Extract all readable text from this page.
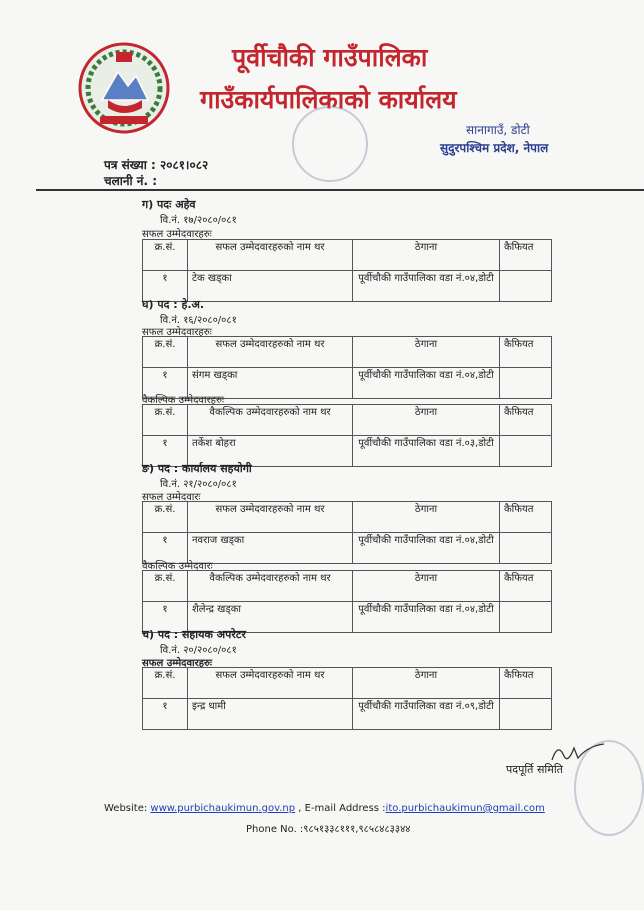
पूर्वीचौकी गाउँपालिका
गाउँकार्यपालिकाको कार्यालय
सानागाउँ, डोटी
सुदुरपश्चिम प्रदेश, नेपाल
पत्र संख्या : २०८१।०८२
चलानी नं. :
ग) पदः अहेव
वि.नं. १७/२०८०/०८१
सफल उम्मेदवारहरुः
क्र.सं.	सफल उम्मेदवारहरुको नाम थर	ठेगाना	कैफियत
१	टेक खड्का	पूर्वीचौकी गाउँपालिका वडा नं.०४,डोटी	
घ) पद : हे.अ.
वि.नं. १६/२०८०/०८१
सफल उम्मेदवारहरुः
क्र.सं.	सफल उम्मेदवारहरुको नाम थर	ठेगाना	कैफियत
१	संगम खड्का	पूर्वीचौकी गाउँपालिका वडा नं.०४,डोटी	
वैकल्पिक उम्मेदवारहरुः
क्र.सं.	वैकल्पिक उम्मेदवारहरुको नाम थर	ठेगाना	कैफियत
१	तर्केश बोहरा	पूर्वीचौकी गाउँपालिका वडा नं.०३,डोटी	
ङ) पद : कार्यालय सहयोगी
वि.नं. २१/२०८०/०८१
सफल उम्मेदवारः
क्र.सं.	सफल उम्मेदवारहरुको नाम थर	ठेगाना	कैफियत
१	नवराज खड्का	पूर्वीचौकी गाउँपालिका वडा नं.०४,डोटी	
वैकल्पिक उम्मेदवारः
क्र.सं.	वैकल्पिक उम्मेदवारहरुको नाम थर	ठेगाना	कैफियत
१	शैलेन्द्र खड्का	पूर्वीचौकी गाउँपालिका वडा नं.०४,डोटी	
च) पद : सहायक अपरेटर
वि.नं. २०/२०८०/०८१
सफल उम्मेदवारहरुः
क्र.सं.	सफल उम्मेदवारहरुको नाम थर	ठेगाना	कैफियत
१	इन्द्र धामी	पूर्वीचौकी गाउँपालिका वडा नं.०९,डोटी	
पदपूर्ति समिति
Website: www.purbichaukimun.gov.np , E-mail Address :ito.purbichaukimun@gmail.com
Phone No. :९८५१३३८१११,९८५८४८३३४४
